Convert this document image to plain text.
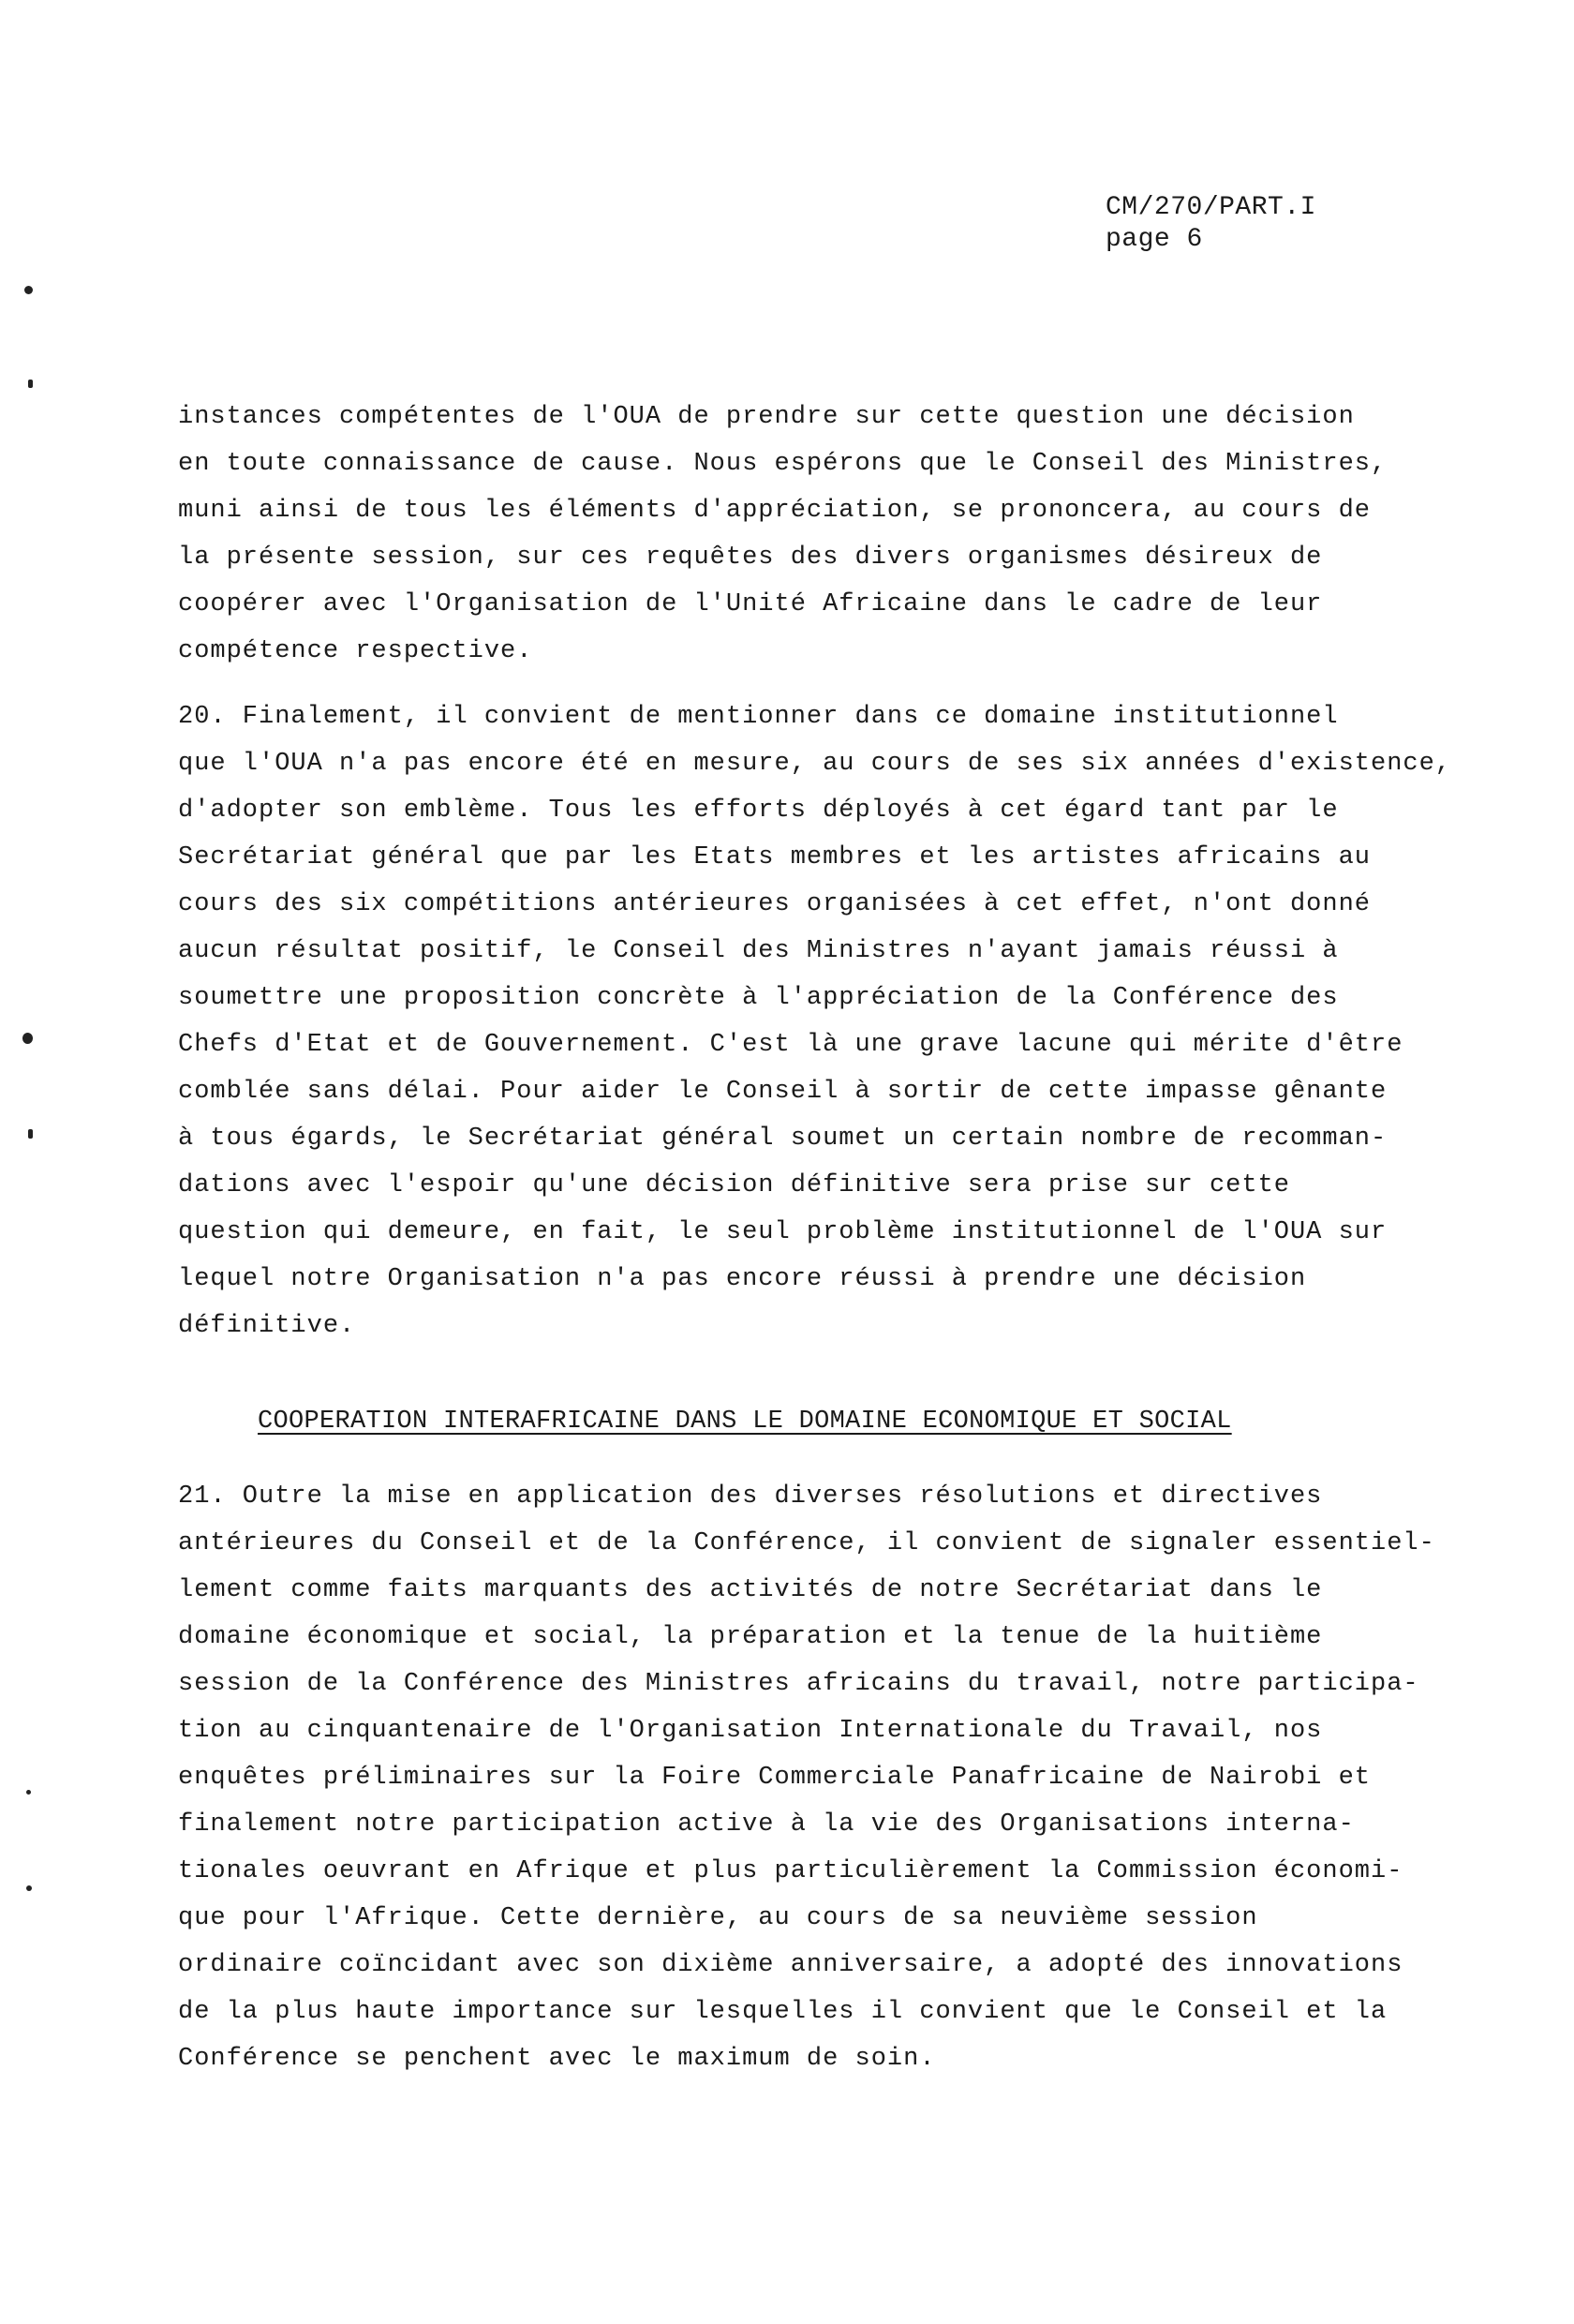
CM/270/PART.I
page 6
instances compétentes de l'OUA de prendre sur cette question une décision
en toute connaissance de cause. Nous espérons que le Conseil des Ministres,
muni ainsi de tous les éléments d'appréciation, se prononcera, au cours de
la présente session, sur ces requêtes des divers organismes désireux de
coopérer avec l'Organisation de l'Unité Africaine dans le cadre de leur
compétence respective.
20. Finalement, il convient de mentionner dans ce domaine institutionnel
que l'OUA n'a pas encore été en mesure, au cours de ses six années d'existence,
d'adopter son emblème. Tous les efforts déployés à cet égard tant par le
Secrétariat général que par les Etats membres et les artistes africains au
cours des six compétitions antérieures organisées à cet effet, n'ont donné
aucun résultat positif, le Conseil des Ministres n'ayant jamais réussi à
soumettre une proposition concrète à l'appréciation de la Conférence des
Chefs d'Etat et de Gouvernement. C'est là une grave lacune qui mérite d'être
comblée sans délai. Pour aider le Conseil à sortir de cette impasse gênante
à tous égards, le Secrétariat général soumet un certain nombre de recomman-
dations avec l'espoir qu'une décision définitive sera prise sur cette
question qui demeure, en fait, le seul problème institutionnel de l'OUA sur
lequel notre Organisation n'a pas encore réussi à prendre une décision
définitive.
COOPERATION INTERAFRICAINE DANS LE DOMAINE ECONOMIQUE ET SOCIAL
21. Outre la mise en application des diverses résolutions et directives
antérieures du Conseil et de la Conférence, il convient de signaler essentiel-
lement comme faits marquants des activités de notre Secrétariat dans le
domaine économique et social, la préparation et la tenue de la huitième
session de la Conférence des Ministres africains du travail, notre participa-
tion au cinquantenaire de l'Organisation Internationale du Travail, nos
enquêtes préliminaires sur la Foire Commerciale Panafricaine de Nairobi et
finalement notre participation active à la vie des Organisations interna-
tionales oeuvrant en Afrique et plus particulièrement la Commission économi-
que pour l'Afrique. Cette dernière, au cours de sa neuvième session
ordinaire coïncidant avec son dixième anniversaire, a adopté des innovations
de la plus haute importance sur lesquelles il convient que le Conseil et la
Conférence se penchent avec le maximum de soin.
